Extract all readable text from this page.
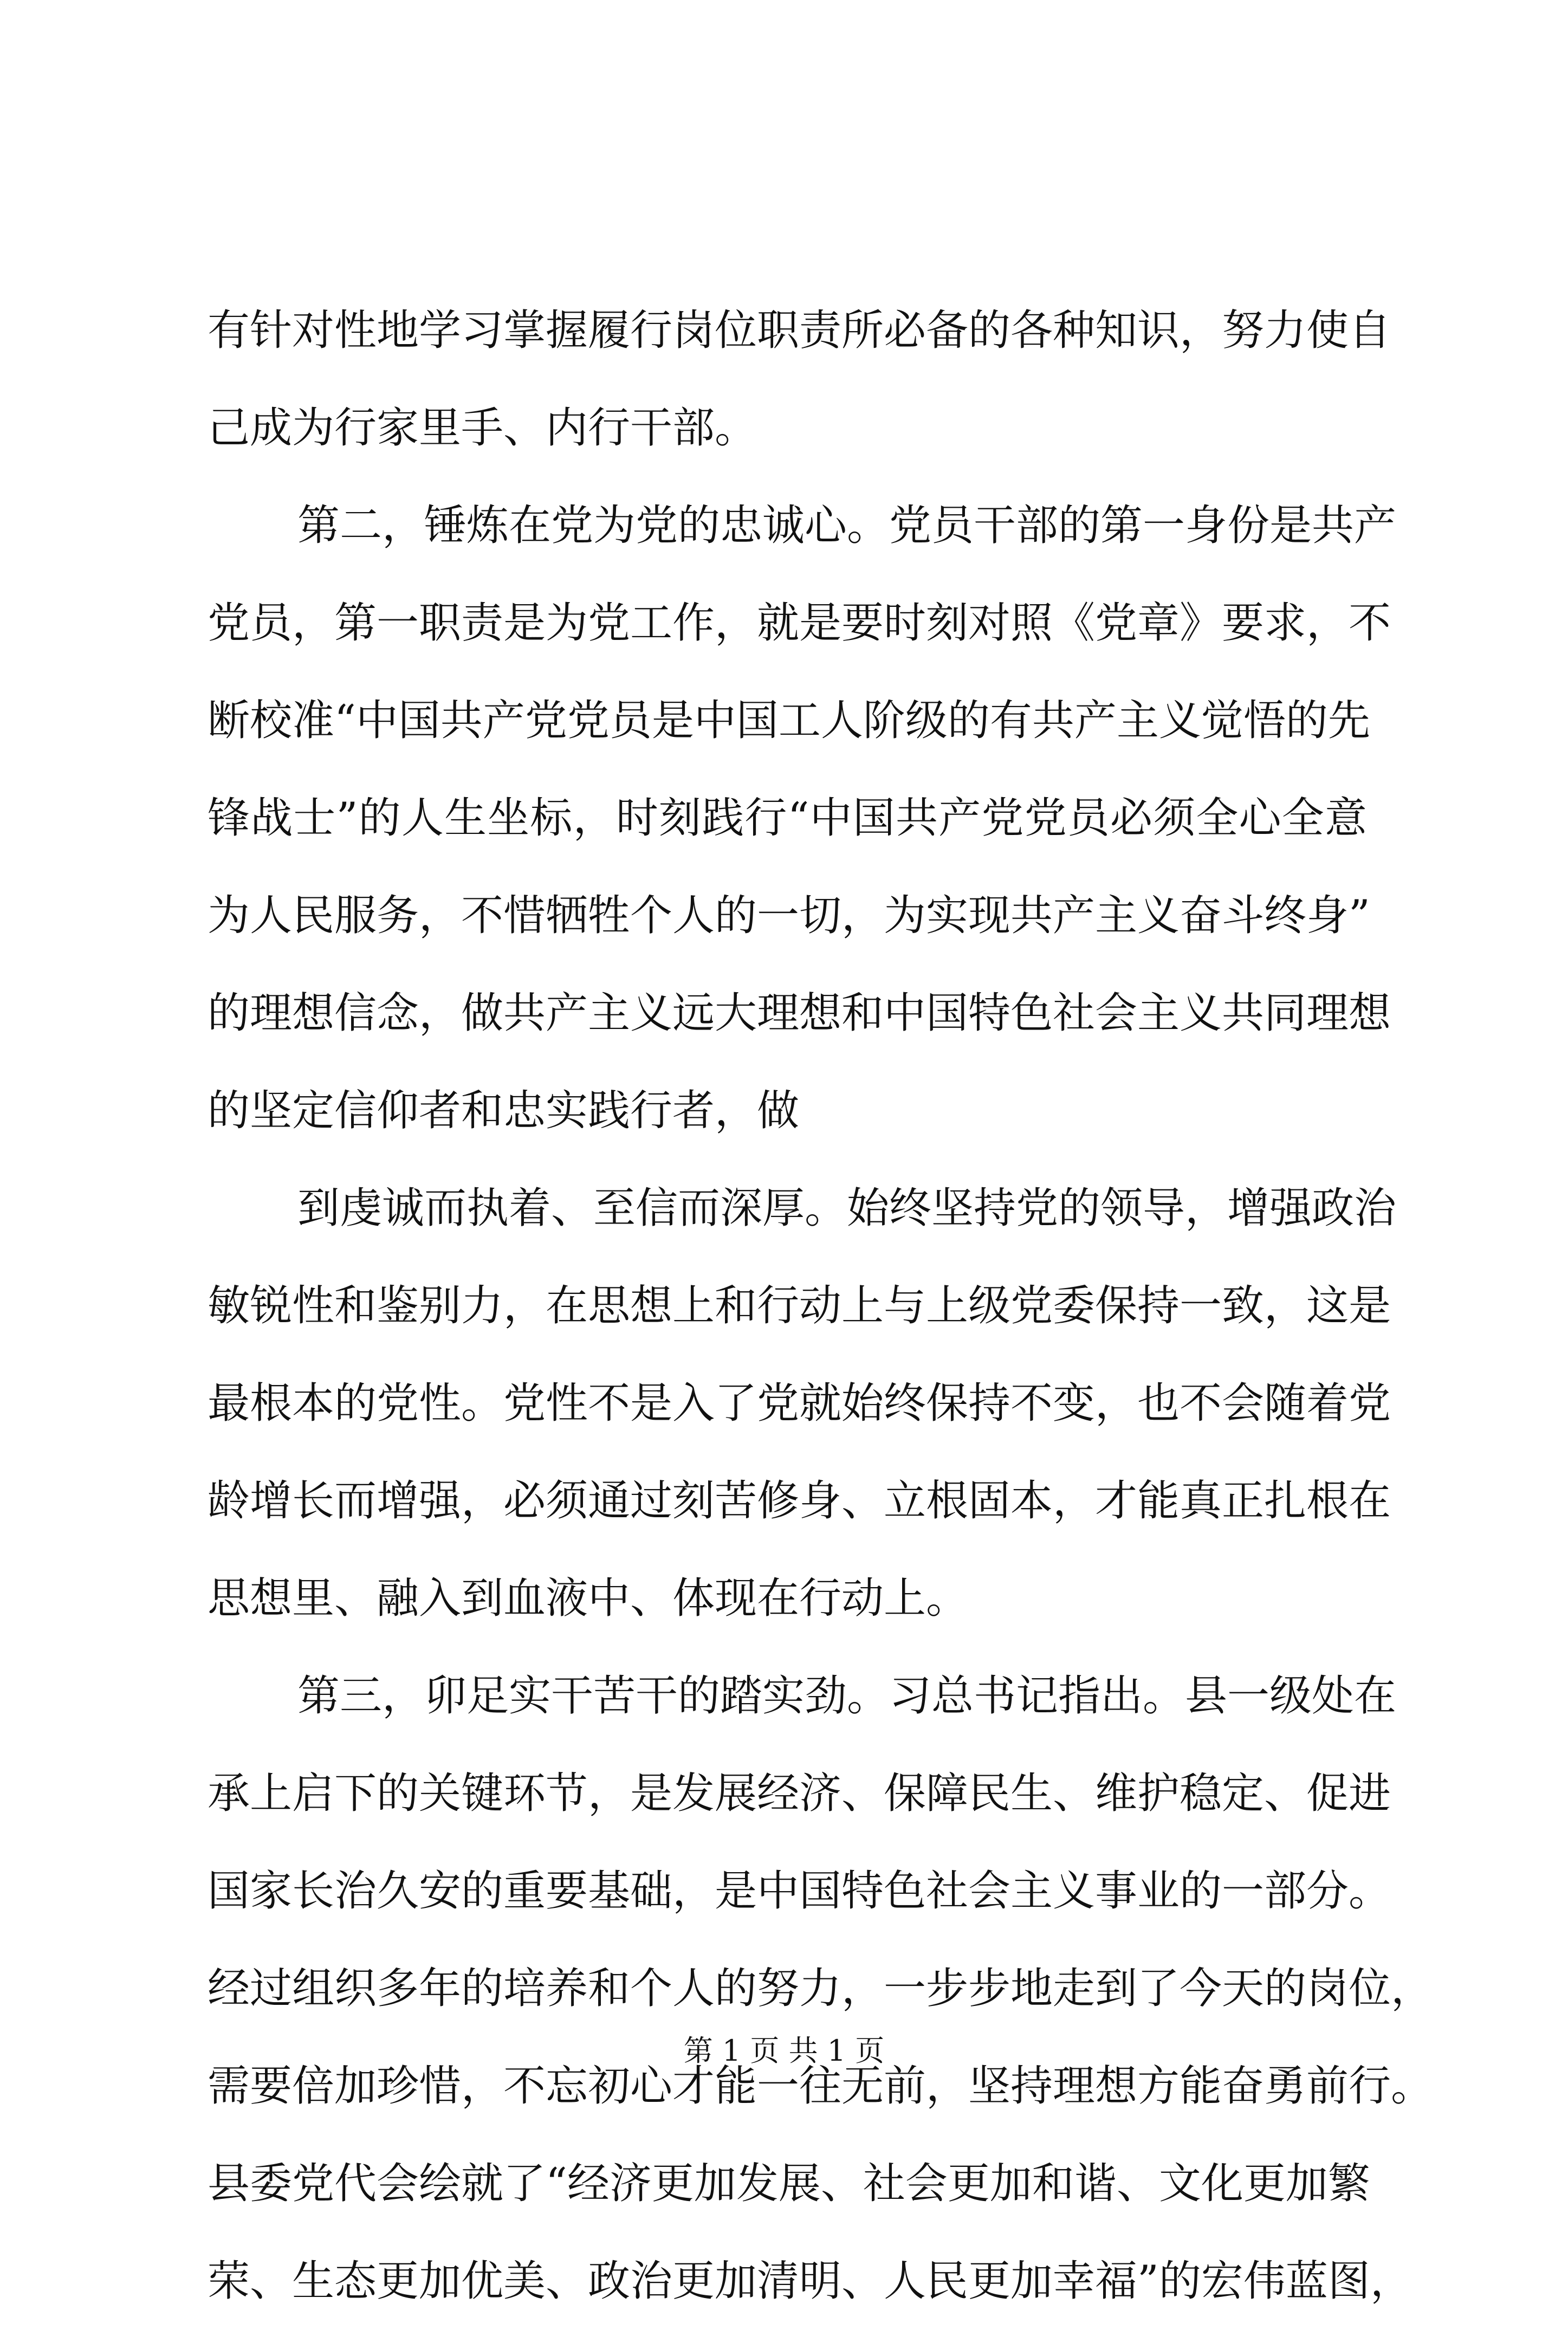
有针对性地学习掌握履行岗位职责所必备的各种知识，努力使自
己成为行家里手、内行干部。
第二，锤炼在党为党的忠诚心。党员干部的第一身份是共产
党员，第一职责是为党工作，就是要时刻对照《党章》要求，不
断校准“中国共产党党员是中国工人阶级的有共产主义觉悟的先
锋战士”的人生坐标，时刻践行“中国共产党党员必须全心全意
为人民服务，不惜牺牲个人的一切，为实现共产主义奋斗终身”
的理想信念，做共产主义远大理想和中国特色社会主义共同理想
的坚定信仰者和忠实践行者，做
到虔诚而执着、至信而深厚。始终坚持党的领导，增强政治
敏锐性和鉴别力，在思想上和行动上与上级党委保持一致，这是
最根本的党性。党性不是入了党就始终保持不变，也不会随着党
龄增长而增强，必须通过刻苦修身、立根固本，才能真正扎根在
思想里、融入到血液中、体现在行动上。
第三，卯足实干苦干的踏实劲。习总书记指出。县一级处在
承上启下的关键环节，是发展经济、保障民生、维护稳定、促进
国家长治久安的重要基础，是中国特色社会主义事业的一部分。
经过组织多年的培养和个人的努力，一步步地走到了今天的岗位，
需要倍加珍惜，不忘初心才能一往无前，坚持理想方能奋勇前行。
县委党代会绘就了“经济更加发展、社会更加和谐、文化更加繁
荣、生态更加优美、政治更加清明、人民更加幸福”的宏伟蓝图，
第 1 页 共 1 页
